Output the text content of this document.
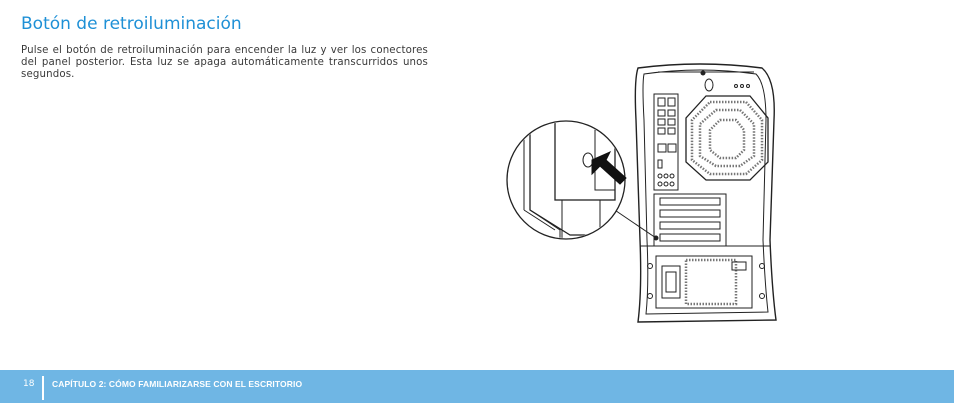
Botón de retroiluminación

Pulse el botón de retroiluminación para encender la luz y ver los conectores del panel posterior. Esta luz se apaga automáticamente transcurridos unos segundos.

18 CAPÍTULO 2: CÓMO FAMILIARIZARSE CON EL ESCRITORIO
